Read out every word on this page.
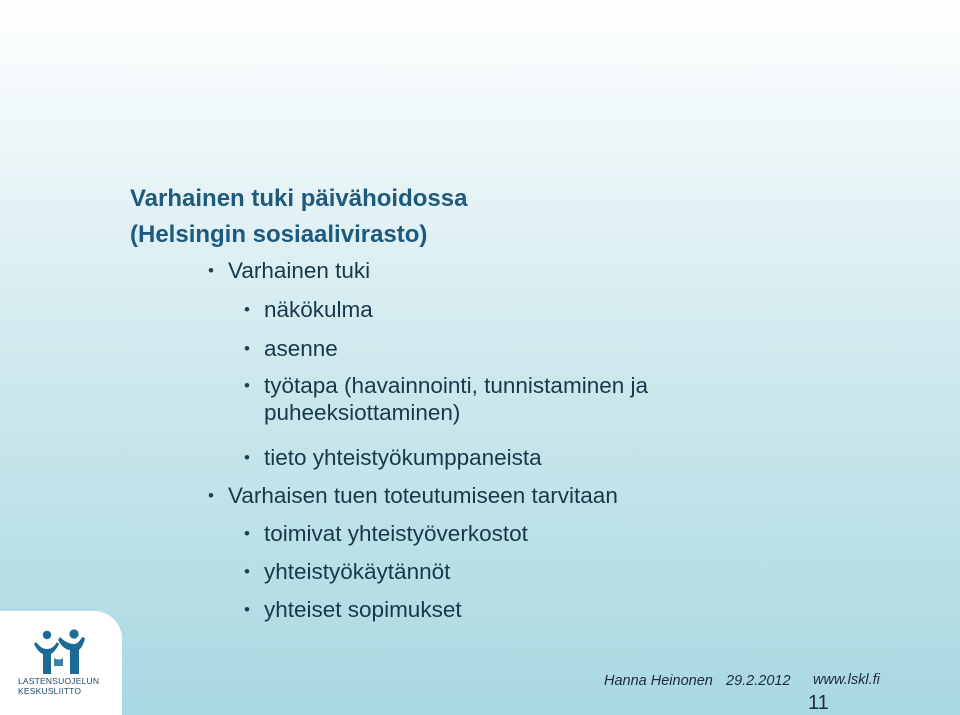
Varhainen tuki päivähoidossa
(Helsingin sosiaalivirasto)
• Varhainen tuki
• näkökulma
• asenne
• työtapa (havainnointi, tunnistaminen ja puheeksiottaminen)
• tieto yhteistyökumppaneista
• Varhaisen tuen toteutumiseen tarvitaan
• toimivat yhteistyöverkostot
• yhteistyökäytännöt
• yhteiset sopimukset
LASTENSUOJELUN
KESKUSLIITTO
Hanna Heinonen 29.2.2012 www.lskl.fi
11
